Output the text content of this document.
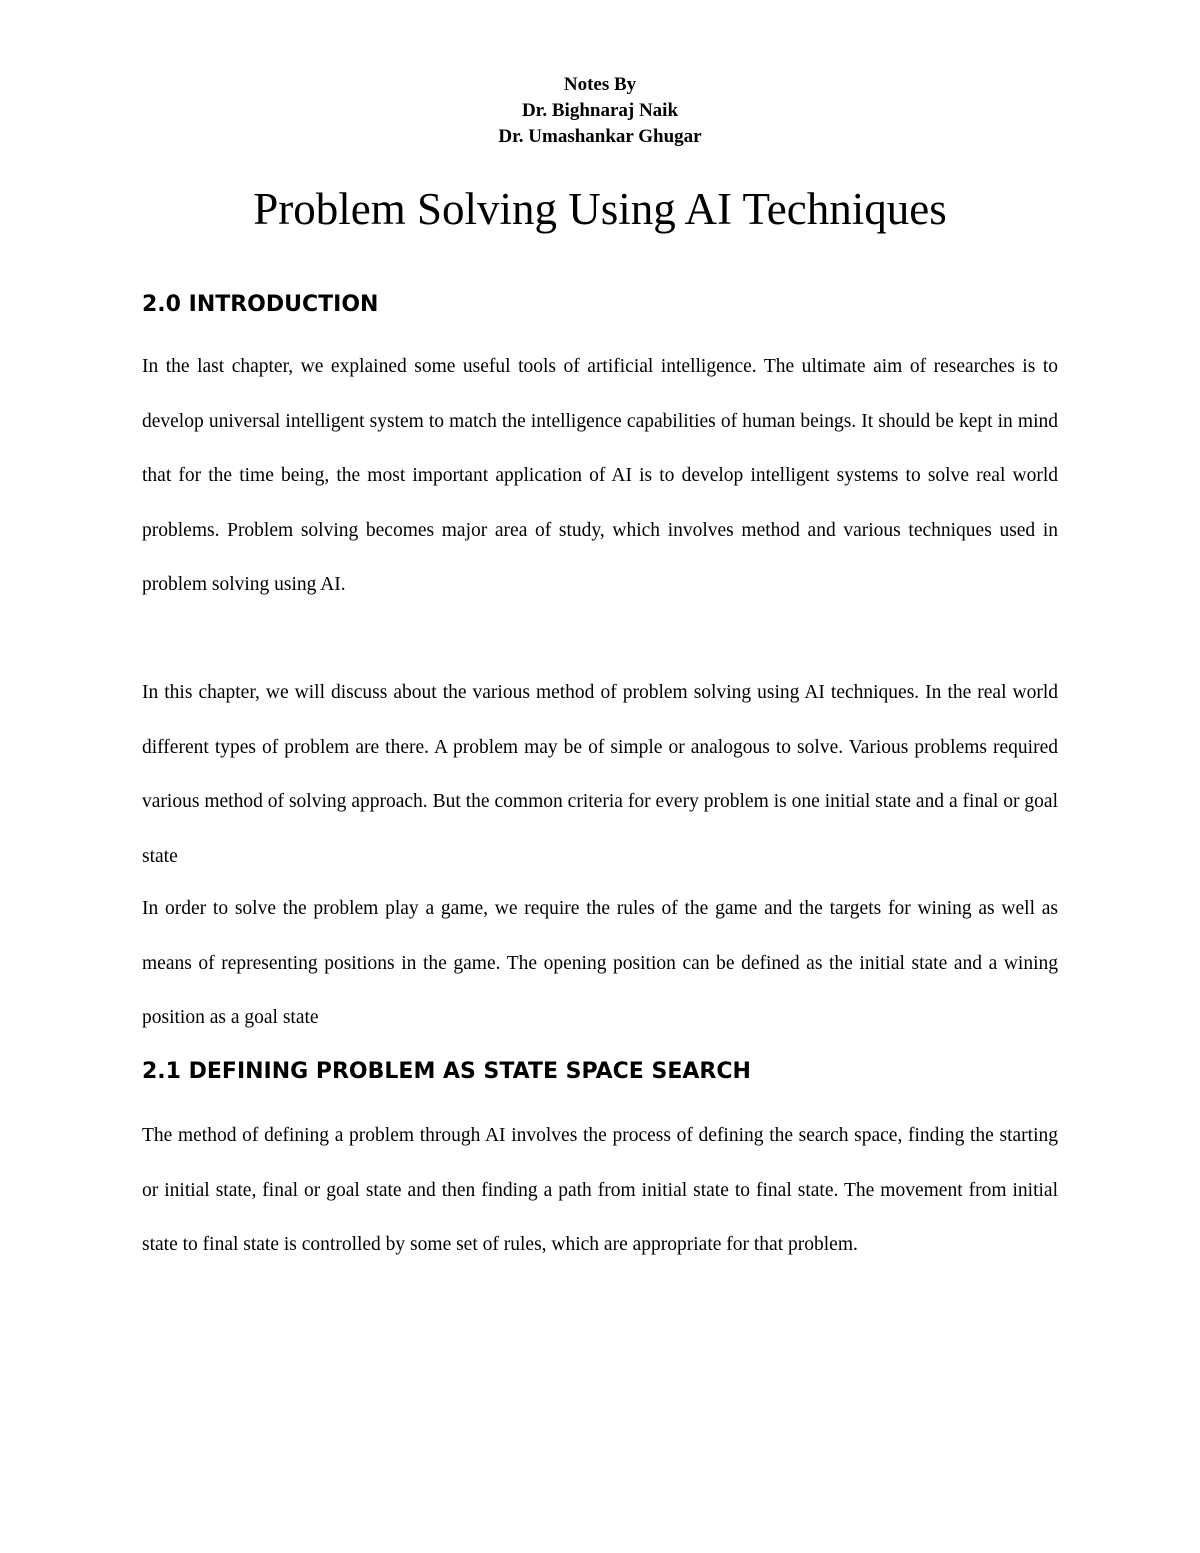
Notes By
Dr. Bighnaraj Naik
Dr. Umashankar Ghugar
Problem Solving Using AI Techniques
2.0 INTRODUCTION

In the last chapter, we explained some useful tools of artificial intelligence. The ultimate aim of researches is to develop universal intelligent system to match the intelligence capabilities of human beings. It should be kept in mind that for the time being, the most important application of AI is to develop intelligent systems to solve real world problems. Problem solving becomes major area of study, which involves method and various techniques used in problem solving using AI.

In this chapter, we will discuss about the various method of problem solving using AI techniques. In the real world different types of problem are there. A problem may be of simple or analogous to solve. Various problems required various method of solving approach. But the common criteria for every problem is one initial state and a final or goal state

In order to solve the problem play a game, we require the rules of the game and the targets for wining as well as means of representing positions in the game. The opening position can be defined as the initial state and a wining position as a goal state

2.1 DEFINING PROBLEM AS STATE SPACE SEARCH

The method of defining a problem through AI involves the process of defining the search space, finding the starting or initial state, final or goal state and then finding a path from initial state to final state. The movement from initial state to final state is controlled by some set of rules, which are appropriate for that problem.
